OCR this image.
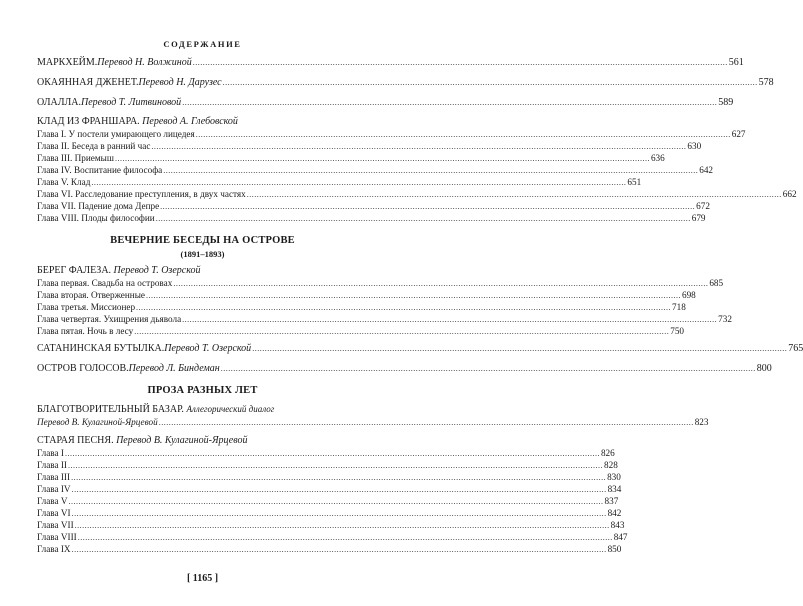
СОДЕРЖАНИЕ
МАРКХЕЙМ. Перевод Н. Волжиной .....	561
ОКАЯННАЯ ДЖЕНЕТ. Перевод Н. Дарузес .....	578
ОЛАЛЛА. Перевод Т. Литвиновой .....	589
КЛАД ИЗ ФРАНШАРА. Перевод А. Глебовской
Глава I. У постели умирающего лицедея .....	627
Глава II. Беседа в ранний час .....	630
Глава III. Приемыш .....	636
Глава IV. Воспитание философа .....	642
Глава V. Клад .....	651
Глава VI. Расследование преступления, в двух частях .....	662
Глава VII. Падение дома Депре .....	672
Глава VIII. Плоды философии .....	679
ВЕЧЕРНИЕ БЕСЕДЫ НА ОСТРОВЕ
(1891–1893)
БЕРЕГ ФАЛЕЗА. Перевод Т. Озерской
Глава первая. Свадьба на островах .....	685
Глава вторая. Отверженные .....	698
Глава третья. Миссионер .....	718
Глава четвертая. Ухищрения дьявола .....	732
Глава пятая. Ночь в лесу .....	750
САТАНИНСКАЯ БУТЫЛКА. Перевод Т. Озерской .....	765
ОСТРОВ ГОЛОСОВ. Перевод Л. Биндеман .....	800
ПРОЗА РАЗНЫХ ЛЕТ
БЛАГОТВОРИТЕЛЬНЫЙ БАЗАР. Аллегорический диалог
Перевод В. Кулагиной-Ярцевой .....	823
СТАРАЯ ПЕСНЯ. Перевод В. Кулагиной-Ярцевой
Глава I .....	826
Глава II .....	828
Глава III .....	830
Глава IV .....	834
Глава V .....	837
Глава VI .....	842
Глава VII .....	843
Глава VIII .....	847
Глава IX .....	850
[ 1165 ]
